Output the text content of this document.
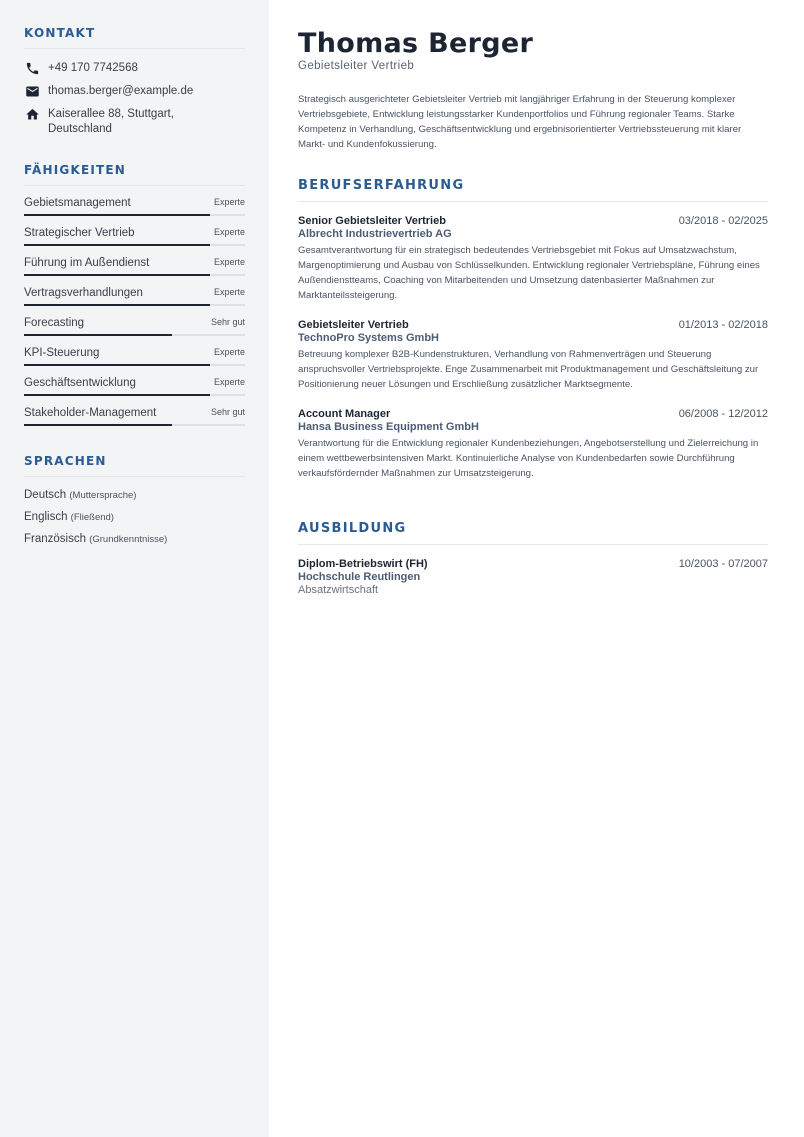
KONTAKT
+49 170 7742568
thomas.berger@example.de
Kaiserallee 88, Stuttgart,
Deutschland
FÄHIGKEITEN
Gebietsmanagement	Experte
Strategischer Vertrieb	Experte
Führung im Außendienst	Experte
Vertragsverhandlungen	Experte
Forecasting	Sehr gut
KPI-Steuerung	Experte
Geschäftsentwicklung	Experte
Stakeholder-Management	Sehr gut
SPRACHEN
Deutsch (Muttersprache)
Englisch (Fließend)
Französisch (Grundkenntnisse)
Thomas Berger
Gebietsleiter Vertrieb

Strategisch ausgerichteter Gebietsleiter Vertrieb mit langjähriger Erfahrung in der Steuerung komplexer Vertriebsgebiete, Entwicklung leistungsstarker Kundenportfolios und Führung regionaler Teams. Starke Kompetenz in Verhandlung, Geschäftsentwicklung und ergebnisorientierter Vertriebssteuerung mit klarer Markt- und Kundenfokussierung.

BERUFSERFAHRUNG
Senior Gebietsleiter Vertrieb	03/2018 - 02/2025
Albrecht Industrievertrieb AG
Gesamtverantwortung für ein strategisch bedeutendes Vertriebsgebiet mit Fokus auf Umsatzwachstum, Margenoptimierung und Ausbau von Schlüsselkunden. Entwicklung regionaler Vertriebspläne, Führung eines Außendienstteams, Coaching von Mitarbeitenden und Umsetzung datenbasierter Maßnahmen zur Marktanteilssteigerung.
Gebietsleiter Vertrieb	01/2013 - 02/2018
TechnoPro Systems GmbH
Betreuung komplexer B2B-Kundenstrukturen, Verhandlung von Rahmenverträgen und Steuerung anspruchsvoller Vertriebsprojekte. Enge Zusammenarbeit mit Produktmanagement und Geschäftsleitung zur Positionierung neuer Lösungen und Erschließung zusätzlicher Marktsegmente.
Account Manager	06/2008 - 12/2012
Hansa Business Equipment GmbH
Verantwortung für die Entwicklung regionaler Kundenbeziehungen, Angebotserstellung und Zielerreichung in einem wettbewerbsintensiven Markt. Kontinuierliche Analyse von Kundenbedarfen sowie Durchführung verkaufsfördernder Maßnahmen zur Umsatzsteigerung.
AUSBILDUNG
Diplom-Betriebswirt (FH)	10/2003 - 07/2007
Hochschule Reutlingen
Absatzwirtschaft
